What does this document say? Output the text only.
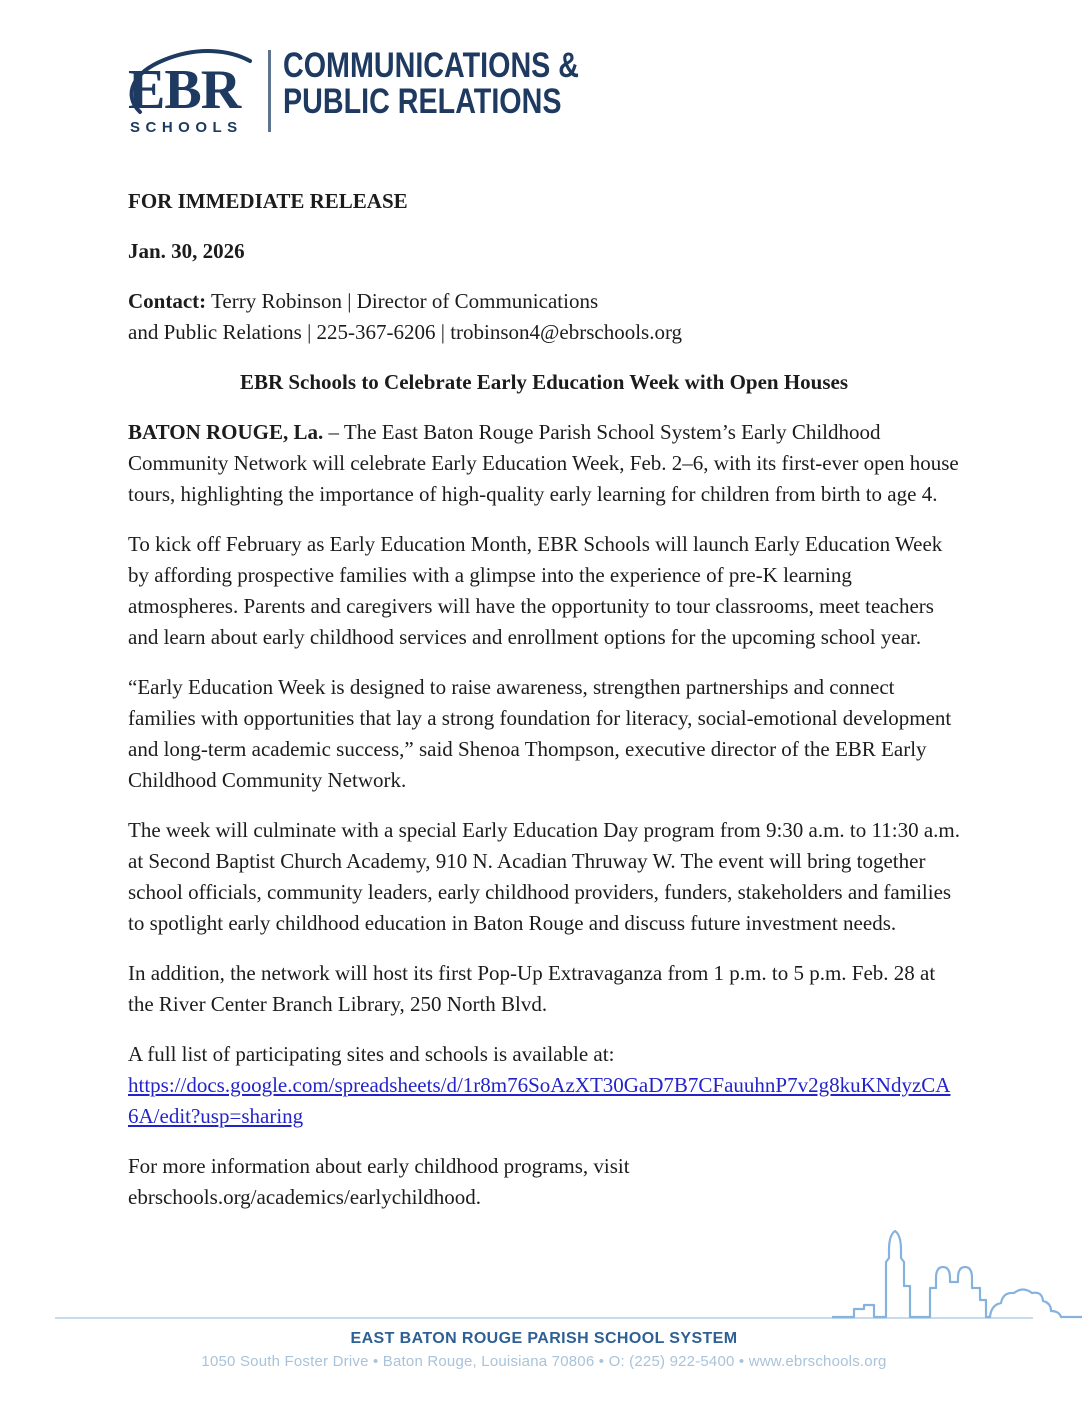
EBR
SCHOOLS
COMMUNICATIONS &
PUBLIC RELATIONS

FOR IMMEDIATE RELEASE

Jan. 30, 2026

Contact: Terry Robinson | Director of Communications
and Public Relations | 225-367-6206 | trobinson4@ebrschools.org

EBR Schools to Celebrate Early Education Week with Open Houses

BATON ROUGE, La. – The East Baton Rouge Parish School System’s Early Childhood Community Network will celebrate Early Education Week, Feb. 2–6, with its first-ever open house tours, highlighting the importance of high-quality early learning for children from birth to age 4.

To kick off February as Early Education Month, EBR Schools will launch Early Education Week by affording prospective families with a glimpse into the experience of pre-K learning atmospheres. Parents and caregivers will have the opportunity to tour classrooms, meet teachers and learn about early childhood services and enrollment options for the upcoming school year.

“Early Education Week is designed to raise awareness, strengthen partnerships and connect families with opportunities that lay a strong foundation for literacy, social-emotional development and long-term academic success,” said Shenoa Thompson, executive director of the EBR Early Childhood Community Network.

The week will culminate with a special Early Education Day program from 9:30 a.m. to 11:30 a.m. at Second Baptist Church Academy, 910 N. Acadian Thruway W. The event will bring together school officials, community leaders, early childhood providers, funders, stakeholders and families to spotlight early childhood education in Baton Rouge and discuss future investment needs.

In addition, the network will host its first Pop-Up Extravaganza from 1 p.m. to 5 p.m. Feb. 28 at the River Center Branch Library, 250 North Blvd.

A full list of participating sites and schools is available at:
https://docs.google.com/spreadsheets/d/1r8m76SoAzXT30GaD7B7CFauuhnP7v2g8kuKNdyzCA6A/edit?usp=sharing

For more information about early childhood programs, visit ebrschools.org/academics/earlychildhood.

EAST BATON ROUGE PARISH SCHOOL SYSTEM
1050 South Foster Drive • Baton Rouge, Louisiana 70806 • O: (225) 922-5400 • www.ebrschools.org
